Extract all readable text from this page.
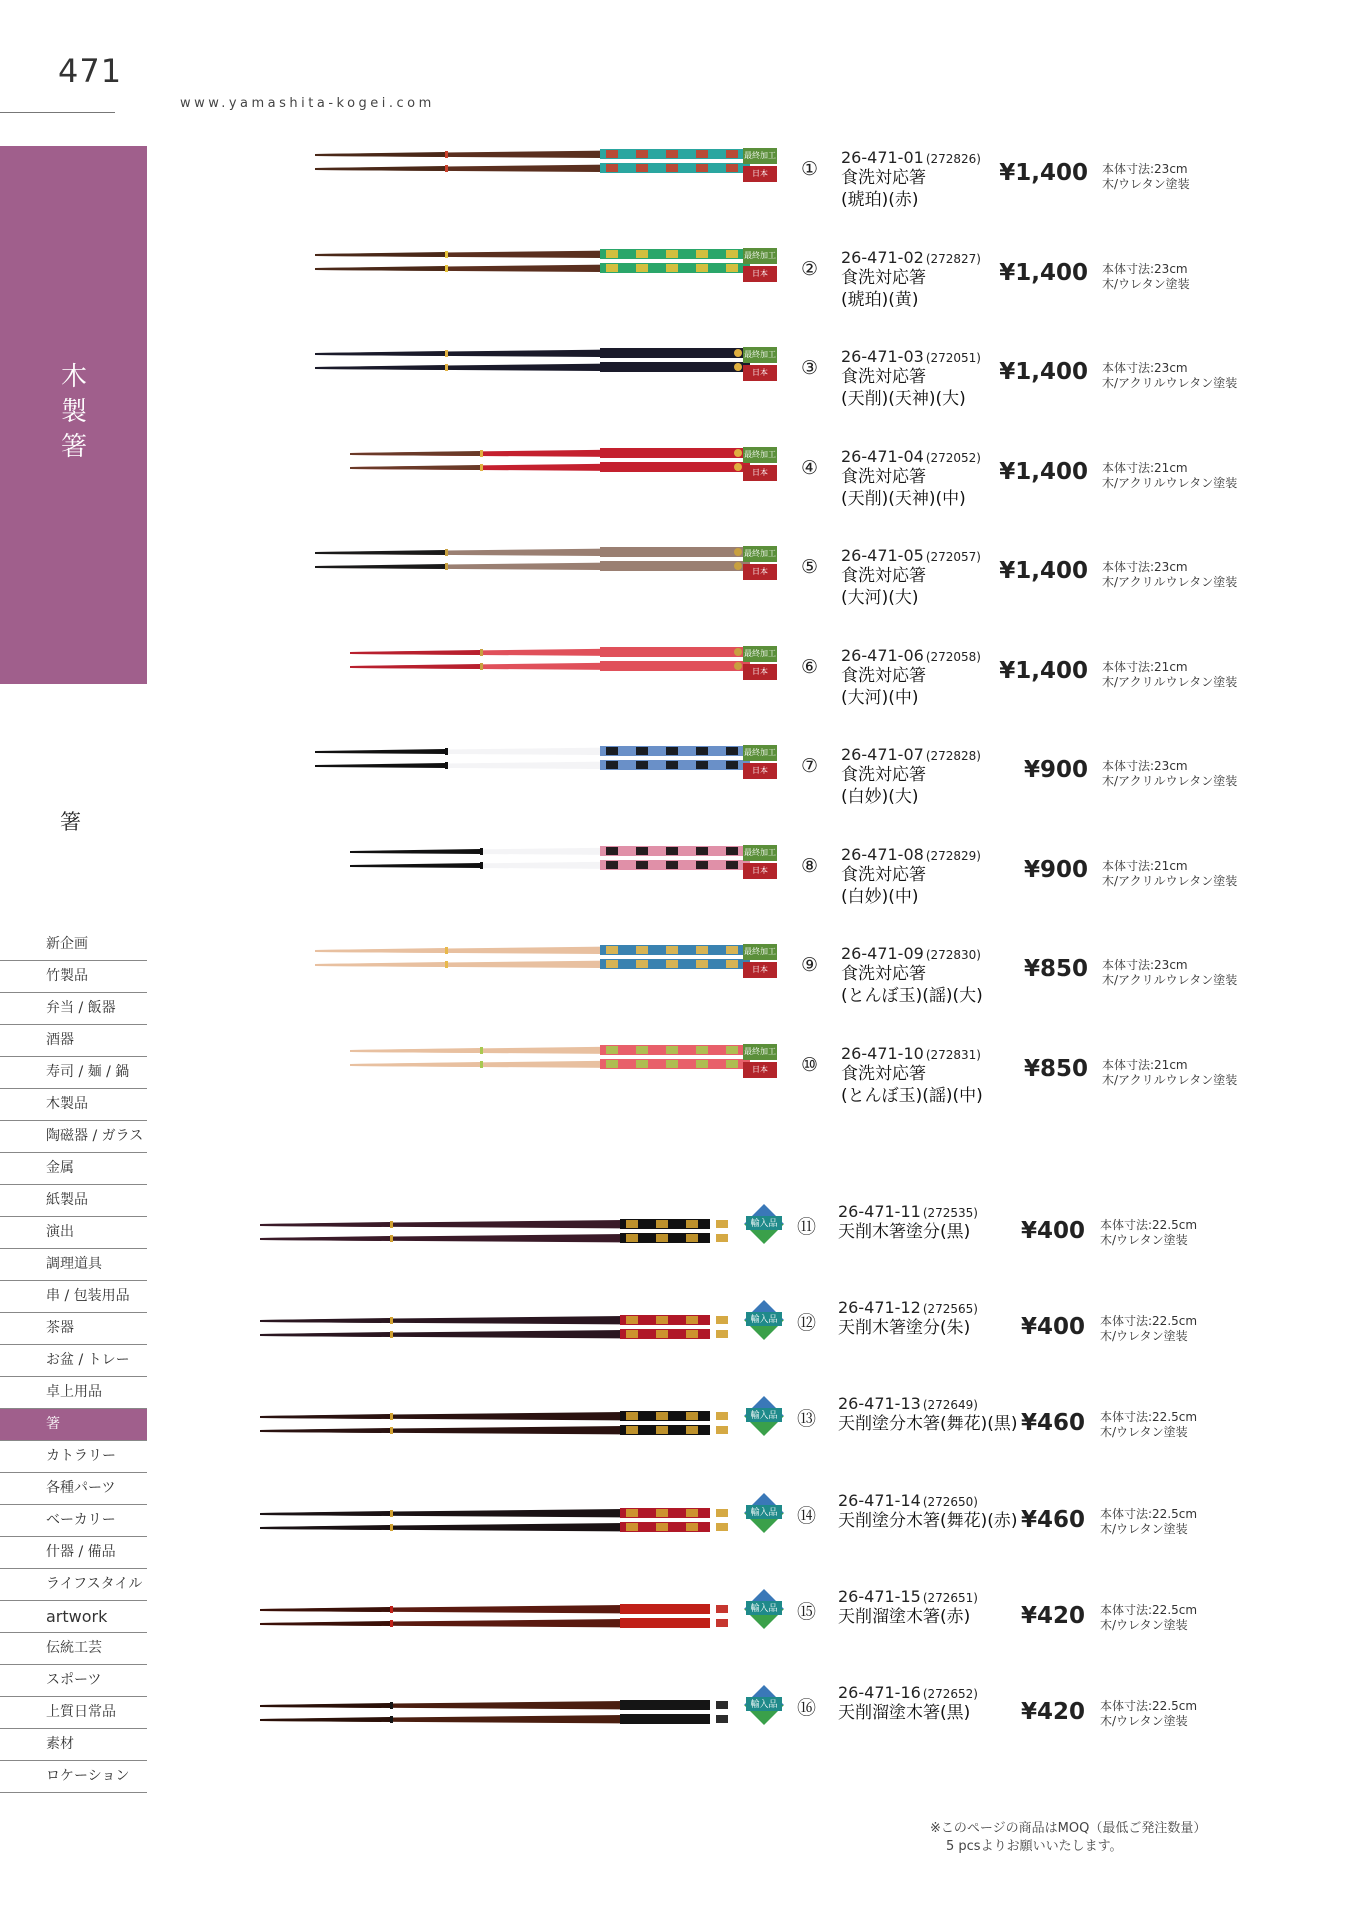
471
www.yamashita-kogei.com
木製箸
箸
新企画
竹製品
弁当 / 飯器
酒器
寿司 / 麺 / 鍋
木製品
陶磁器 / ガラス
金属
紙製品
演出
調理道具
串 / 包装用品
茶器
お盆 / トレー
卓上用品
箸
カトラリー
各種パーツ
ベーカリー
什器 / 備品
ライフスタイル
artwork
伝統工芸
スポーツ
上質日常品
素材
ロケーション
最終加工
日本	①
26-471-01 (272826)
食洗対応箸
(琥珀)(赤)
¥1,400 本体寸法:23cm
木/ウレタン塗装
最終加工
日本	②
26-471-02 (272827)
食洗対応箸
(琥珀)(黄)
¥1,400 本体寸法:23cm
木/ウレタン塗装
最終加工
日本	③
26-471-03 (272051)
食洗対応箸
(天削)(天神)(大)
¥1,400 本体寸法:23cm
木/アクリルウレタン塗装
最終加工
日本	④
26-471-04 (272052)
食洗対応箸
(天削)(天神)(中)
¥1,400 本体寸法:21cm
木/アクリルウレタン塗装
最終加工
日本	⑤
26-471-05 (272057)
食洗対応箸
(大河)(大)
¥1,400 本体寸法:23cm
木/アクリルウレタン塗装
最終加工
日本	⑥
26-471-06 (272058)
食洗対応箸
(大河)(中)
¥1,400 本体寸法:21cm
木/アクリルウレタン塗装
最終加工
日本	⑦
26-471-07 (272828)
食洗対応箸
(白妙)(大)
¥900 本体寸法:23cm
木/アクリルウレタン塗装
最終加工
日本	⑧
26-471-08 (272829)
食洗対応箸
(白妙)(中)
¥900 本体寸法:21cm
木/アクリルウレタン塗装
最終加工
日本	⑨
26-471-09 (272830)
食洗対応箸
(とんぼ玉)(謡)(大)
¥850 本体寸法:23cm
木/アクリルウレタン塗装
最終加工
日本	⑩
26-471-10 (272831)
食洗対応箸
(とんぼ玉)(謡)(中)
¥850 本体寸法:21cm
木/アクリルウレタン塗装
輸入品	⑪
26-471-11 (272535)
天削木箸塗分(黒)	¥400 本体寸法:22.5cm
木/ウレタン塗装
輸入品	⑫
26-471-12 (272565)
天削木箸塗分(朱)	¥400 本体寸法:22.5cm
木/ウレタン塗装
輸入品	⑬
26-471-13 (272649)
天削塗分木箸(舞花)(黒) ¥460 本体寸法:22.5cm
木/ウレタン塗装
輸入品	⑭
26-471-14 (272650)
天削塗分木箸(舞花)(赤) ¥460 本体寸法:22.5cm
木/ウレタン塗装
輸入品	⑮
26-471-15 (272651)
天削溜塗木箸(赤)	¥420 本体寸法:22.5cm
木/ウレタン塗装
輸入品	⑯
26-471-16 (272652)
天削溜塗木箸(黒)	¥420 本体寸法:22.5cm
木/ウレタン塗装
※このページの商品はMOQ（最低ご発注数量）
5 pcsよりお願いいたします。
